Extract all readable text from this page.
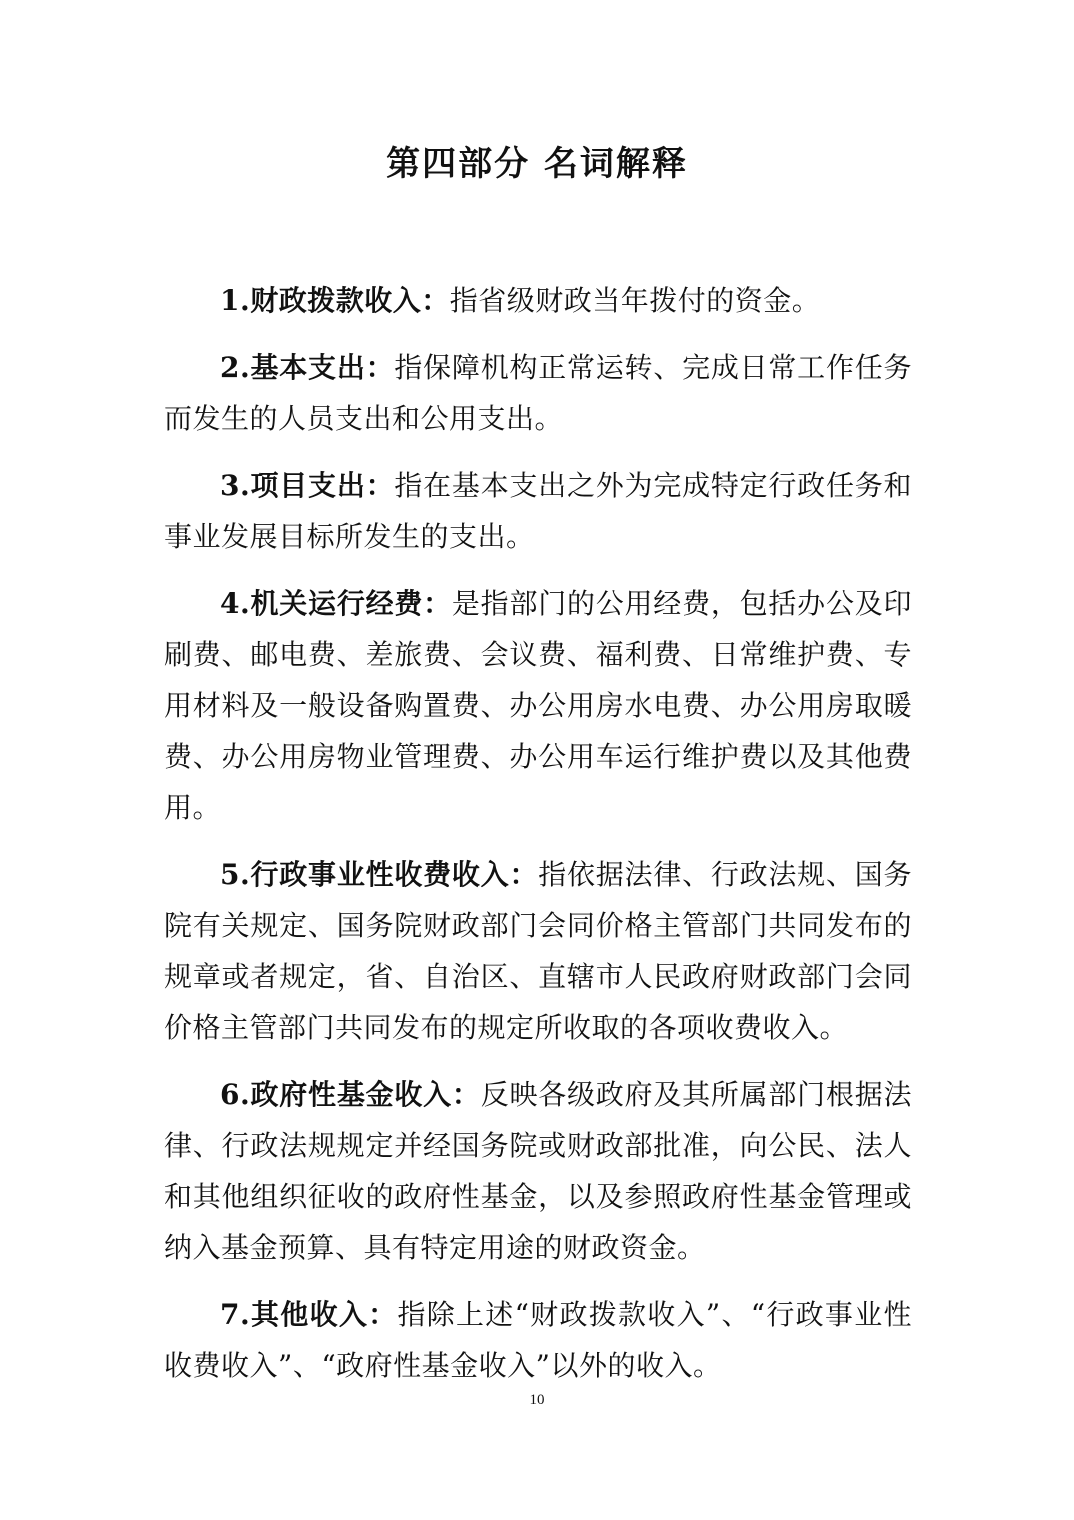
第四部分 名词解释

1.财政拨款收入：指省级财政当年拨付的资金。

2.基本支出：指保障机构正常运转、完成日常工作任务而发生的人员支出和公用支出。

3.项目支出：指在基本支出之外为完成特定行政任务和事业发展目标所发生的支出。

4.机关运行经费：是指部门的公用经费，包括办公及印刷费、邮电费、差旅费、会议费、福利费、日常维护费、专用材料及一般设备购置费、办公用房水电费、办公用房取暖费、办公用房物业管理费、办公用车运行维护费以及其他费用。

5.行政事业性收费收入：指依据法律、行政法规、国务院有关规定、国务院财政部门会同价格主管部门共同发布的规章或者规定，省、自治区、直辖市人民政府财政部门会同价格主管部门共同发布的规定所收取的各项收费收入。

6.政府性基金收入：反映各级政府及其所属部门根据法律、行政法规规定并经国务院或财政部批准，向公民、法人和其他组织征收的政府性基金，以及参照政府性基金管理或纳入基金预算、具有特定用途的财政资金。

7.其他收入：指除上述“财政拨款收入”、“行政事业性收费收入”、“政府性基金收入”以外的收入。

10
